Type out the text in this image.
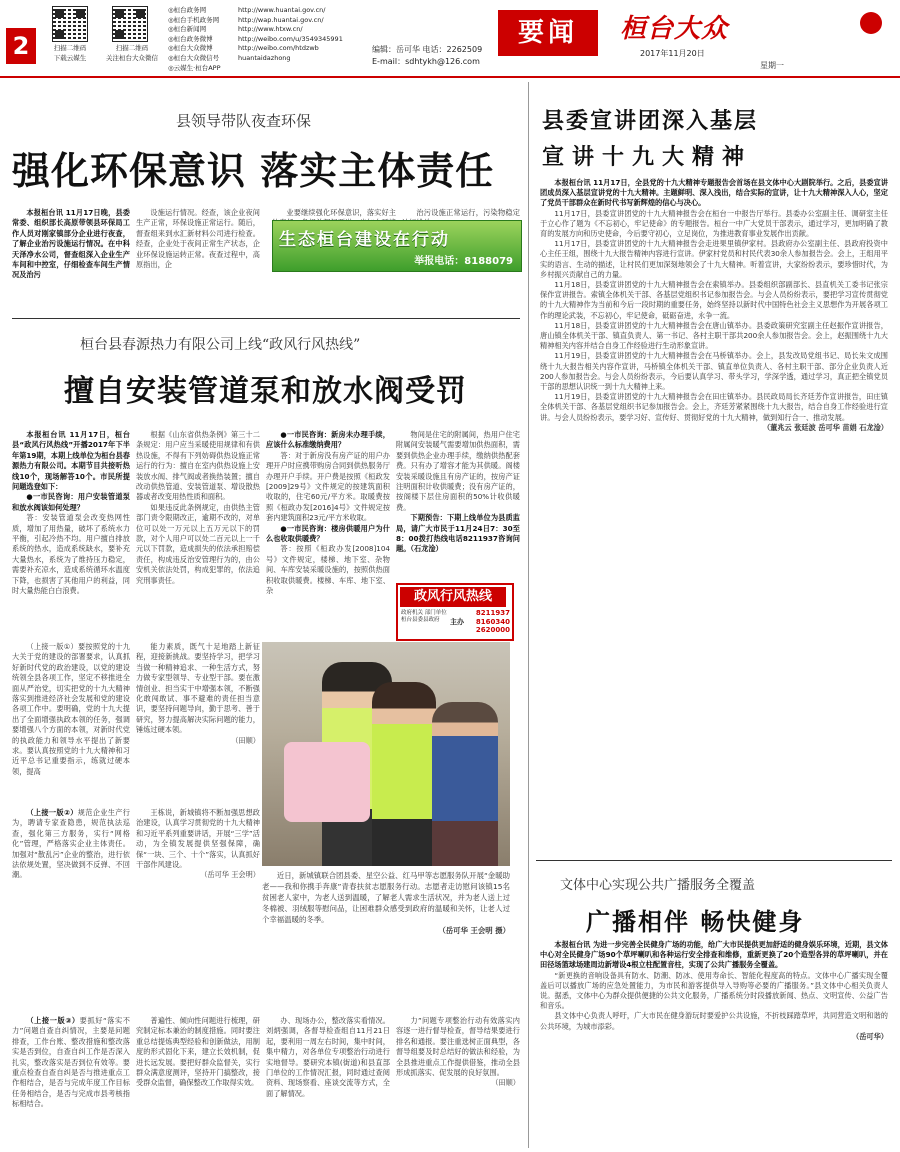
2	扫描二维码
下载云媒生
扫描二维码
关注桓台大众微信
◎桓台政务网	http://www.huantai.gov.cn/
◎桓台手机政务网	http://wap.huantai.gov.cn/
◎桓台新闻网	http://www.htxw.cn/
◎桓台政务微博	http://weibo.com/u/3549345991
◎桓台大众微博	http://weibo.com/htdzwb
◎桓台大众微信号	huantaidazhong
◎云媒生·桓台APP
编辑：岳可华 电话：2262509
E-mail：sdhtykh@126.com
要闻	桓台大众
2017年11月20日
星期一
县领导带队夜查环保
强化环保意识 落实主体责任

本报桓台讯 11月17日晚，县委常委、组织部长高原带领县环保局工作人员对刚家镇部分企业进行夜查，了解企业治污设施运行情况。在中科天泽净水公司，督查组深入企业生产车间和中控室，仔细检查车间生产情况及治污

设施运行情况。经查，该企业夜间生产正常，环保设施正常运行。随后，督查组来到水汇新材料公司进行检查。经查，企业处于夜间正常生产状态，企业环保设施运转正常。夜查过程中，高原指出，企

业要继续强化环保意识，落实好主	治污设施正常运行，污染物稳定

生态桓台建设在行动
举报电话：8188079
桓台县春源热力有限公司上线“政风行风热线”
擅自安装管道泵和放水阀受罚

本报桓台讯 11月17日，桓台县“政风行风热线”开播2017年下半年第19期，本期上线单位为桓台县春源热力有限公司。本期节目共接听热线10个，现场解答10个。市民所提问题选登如下：

●一市民咨询：用户安装管道泵和放水阀该如何处理？

答：安装管道泵会改变热网性质，增加了用热量，破坏了系统水力平衡，引起冷热不均。用户擅自排放系统的热水，造成系统缺水，要补充大量热水，系统为了维持压力稳定，需要补充凉水，造成系统循环水温度下降，也损害了其他用户的利益，同时大量热能白白浪费。

根据《山东省供热条例》第三十二条规定：用户应当采暖使用规律和有供热设施，不得有下列妨碍供热设施正常运行的行为：擅自在室内供热设施上安装放水阀、排气阀或者换热装置；擅自改动供热管道、安装管道泵、增设散热器或者改变用热性质和面积。

如果违反此条例规定，由供热主管部门责令限期改正，逾期不改的，对单位可以处一万元以上五万元以下的罚款，对个人用户可以处二百元以上一千元以下罚款，造成损失的依法承担赔偿责任，构成违反治安管理行为的，由公安机关依法处罚，构成犯罪的，依法追究刑事责任。

●一市民咨询：新房未办理手续，应该什么标准缴纳费用？

答：对于新房没有房产证的用户办理开户时应携带购房合同到供热服务厅办理开户手续。开户费是按照《桓政发[2009]29号》文件规定的按建筑面积收取的，住宅60元/平方米。取暖费按照《桓政办发[2016]4号》文件规定按套内建筑面积23元/平方米收取。

●一市民咨询：楼房供暖用户为什么也收取供暖费？

答：按照《桓政办发[2008]104号》文件规定，楼梯、地下室、杂物间、车库安装采暖设施的，按照供热面积收取供暖费。楼梯、车库、地下室、杂

物间是住宅的附属间，热用户住宅附属间安装暖气需要增加供热面积，需要到供热企业办理手续，缴纳供热配套费。只有办了增容才能为其供暖。阁楼安装采暖设施且有房产证的，按房产证注明面积计收供暖费；没有房产证的，按阁楼下层住房面积的50%计收供暖费。

下期预告：下期上线单位为县质监局，请广大市民于11月24日7：30至8：00拨打热线电话8211937咨询问题。（石龙淦）

政风行风热线
政府机关 部门单位
桓台县委县政府	主办
8211937
8160340
2620000

（上接一版①）要按照党的十九大关于党的建设的部署要求，认真抓好新时代党的政治建设，以党的建设统领全县各项工作，坚定不移推进全面从严治党，切实把党的十九大精神落实到推进经济社会发展和党的建设各项工作中。要明确，党的十九大提出了全面增强执政本领的任务，强调要增强八个方面的本领，对新时代党的执政能力和领导水平提出了新要求。要认真按照党的十九大精神和习近平总书记重要指示，练就过硬本领，提高

能力素质，既气十足地踏上新征程，迎接新挑战。要坚持学习，把学习当做一种精神追求、一种生活方式，努力做专家型领导、专业型干部。要在激情创业、担当实干中增强本领，不断强化敢闯敢试、事不避难的责任担当意识，要坚持问题导向，勤于思考、善于研究，努力提高解决实际问题的能力，锤炼过硬本领。

（田顺）

（上接一版②）规范企业生产行为，聘请专家查隐患，规范执法巡查，强化第三方服务，实行“网格化”管理，严格落实企业主体责任。加强对“散乱污”企业的整治，进行依法依规处置，坚决做到不反弹、不回潮。

王栋说，新城镇将不断加强思想政治建设，认真学习贯彻党的十九大精神和习近平系列重要讲话，开展“三学”活动，为全镇发展提供坚强保障，确保“一块、三个、十个”落实，认真抓好干部作风建设。

（岳可华 王会明）

（上接一版③）要抓好“落实不力”问题自查自纠情况，主要是问题排查，工作台账、整改措施和整改落实是否到位，自查自纠工作是否深入扎实，整改落实是否到位有效等。要重点检查自查自纠是否与推进重点工作相结合，是否与完成年度工作目标任务相结合，是否与完成市县考核指标相结合。

普遍性、倾向性问题进行梳理，研究制定标本兼治的制度措施。同时要注重总结提炼典型经验和创新做法，用制度的形式固化下来，建立长效机制，促进长远发展。要把好群众监督关，实行群众满意度测评，坚持开门搞整改，接受群众监督，确保整改工作取得实效。

办、现场办公，整改落实看情况。刘炳强调，各督导检查组自11月21日起，要利用一周左右时间，集中时间，集中精力，对各单位专项整治行动进行实地督导。要研究本镇(街道)和县直部门单位的工作情况汇报，同时通过查阅资料、现场察看、座谈交流等方式，全面了解情况。

力”问题专项整治行动有效落实内容逐一进行督导检查，督导结果要进行排名和通报。要注重选树正面典型，各督导组要及时总结好的做法和经验，为全县推进重点工作提供借鉴，推动全县形成抓落实、促发展的良好氛围。

（田顺）

近日，新城镇联合团县委、星空公益、红马甲等志愿服务队开展“金暖助老——我和你携手奔康”青春扶贫志愿服务行动。志愿者走访慰问该镇15名贫困老人家中，为老人送到温暖，了解老人需求生活状况，并为老人送上过冬棉被、羽绒服等慰问品，让困难群众感受到政府的温暖和关怀，让老人过个幸福温暖的冬季。

（岳可华 王会明 摄）
县委宣讲团深入基层
宣讲十九大精神

本报桓台讯 11月17日，全县党的十九大精神专题报告会首场在县文体中心大剧院举行。之后，县委宣讲团成员深入基层宣讲党的十九大精神。主题鲜明、深入浅出，结合实际的宣讲，让十九大精神深入人心，坚定了党员干部群众在新时代书写新辉煌的信心与决心。

11月17日，县委宣讲团党的十九大精神报告会在桓台一中报告厅举行。县委办公室副主任、调研室主任于立心作了题为《不忘初心，牢记使命》的专题报告。桓台一中广大党员干部表示，通过学习，更加明确了教育的发展方向和历史使命，今后要守初心，立足岗位，为推进教育事业发展作出贡献。

11月17日，县委宣讲团党的十九大精神报告会走进果里镇伊家村。县政府办公室副主任、县政府投资中心主任王组，围绕十九大报告精神内容进行宣讲。伊家村党员和村民代表30余人参加报告会。会上，王组用平实的语言、生动的描述，让村民们更加深刻地领会了十九大精神。听着宣讲，大家纷纷表示，要珍惜时代，为乡村振兴贡献自己的力量。

11月18日，县委宣讲团党的十九大精神报告会在索镇举办。县委组织部副部长、县直机关工委书记张宗保作宣讲报告。索镇全体机关干部、各基层党组织书记参加报告会。与会人员纷纷表示，要把学习宣传贯彻党的十九大精神作为当前和今后一段时期的重要任务，始终坚持以新时代中国特色社会主义思想作为开展各项工作的理论武装，不忘初心，牢记使命，砥砺奋进，永争一流。

11月18日，县委宣讲团党的十九大精神报告会在唐山镇举办。县委政策研究室副主任赵振作宣讲报告，唐山镇全体机关干部、镇直负责人、第一书记、各村主职干部共200余人参加报告会。会上，赵振围绕十九大精神相关内容并结合自身工作经验进行生动形象宣讲。

11月19日，县委宣讲团党的十九大精神报告会在马桥镇举办。会上，县发改局党组书记、局长朱文成围绕十九大报告相关内容作宣讲，马桥镇全体机关干部、镇直单位负责人、各村主职干部、部分企业负责人近200人参加报告会。与会人员纷纷表示，今后要认真学习、带头学习，学深学透，通过学习，真正把全镇党员干部的思想认识统一到十九大精神上来。

11月19日，县委宣讲团党的十九大精神报告会在田庄镇举办。县民政局局长齐廷芳作宣讲报告，田庄镇全体机关干部、各基层党组织书记参加报告会。会上，齐廷芳紧紧围绕十九大报告，结合自身工作经验进行宣讲。与会人员纷纷表示，要学习好、宣传好、贯彻好党的十九大精神，做到知行合一、推动发展。

（董兆云 张廷波 岳可华 苗娟 石龙淦）
文体中心实现公共广播服务全覆盖
广播相伴 畅快健身

本报桓台讯 为进一步完善全民健身广场的功能，给广大市民提供更加舒适的健身娱乐环境，近期，县文体中心对全民健身广场90个草坪喇叭和各种运行安全排查和维修，重新更换了20个造型各异的草坪喇叭，并在田径场篮球场建周边新增设4根立柱配置音柱，实现了公共广播服务全覆盖。

“新更换的音响设备具有防水、防潮、防冰、使用寿命长、智能化程度高的特点。文体中心广播实现全覆盖后可以播放广场的应急处置能力，为市民和游客提供导入导购等必要的广播服务。”县文体中心相关负责人说。据悉，文体中心为群众提供便捷的公共文化服务，广播系统分时段播放新闻、热点、文明宣传、公益广告和音乐。

县文体中心负责人呼吁，广大市民在健身游玩时要爱护公共设施，不折枝踩踏草坪，共同营造文明和谐的公共环境，为城市添彩。

（岳可华）
